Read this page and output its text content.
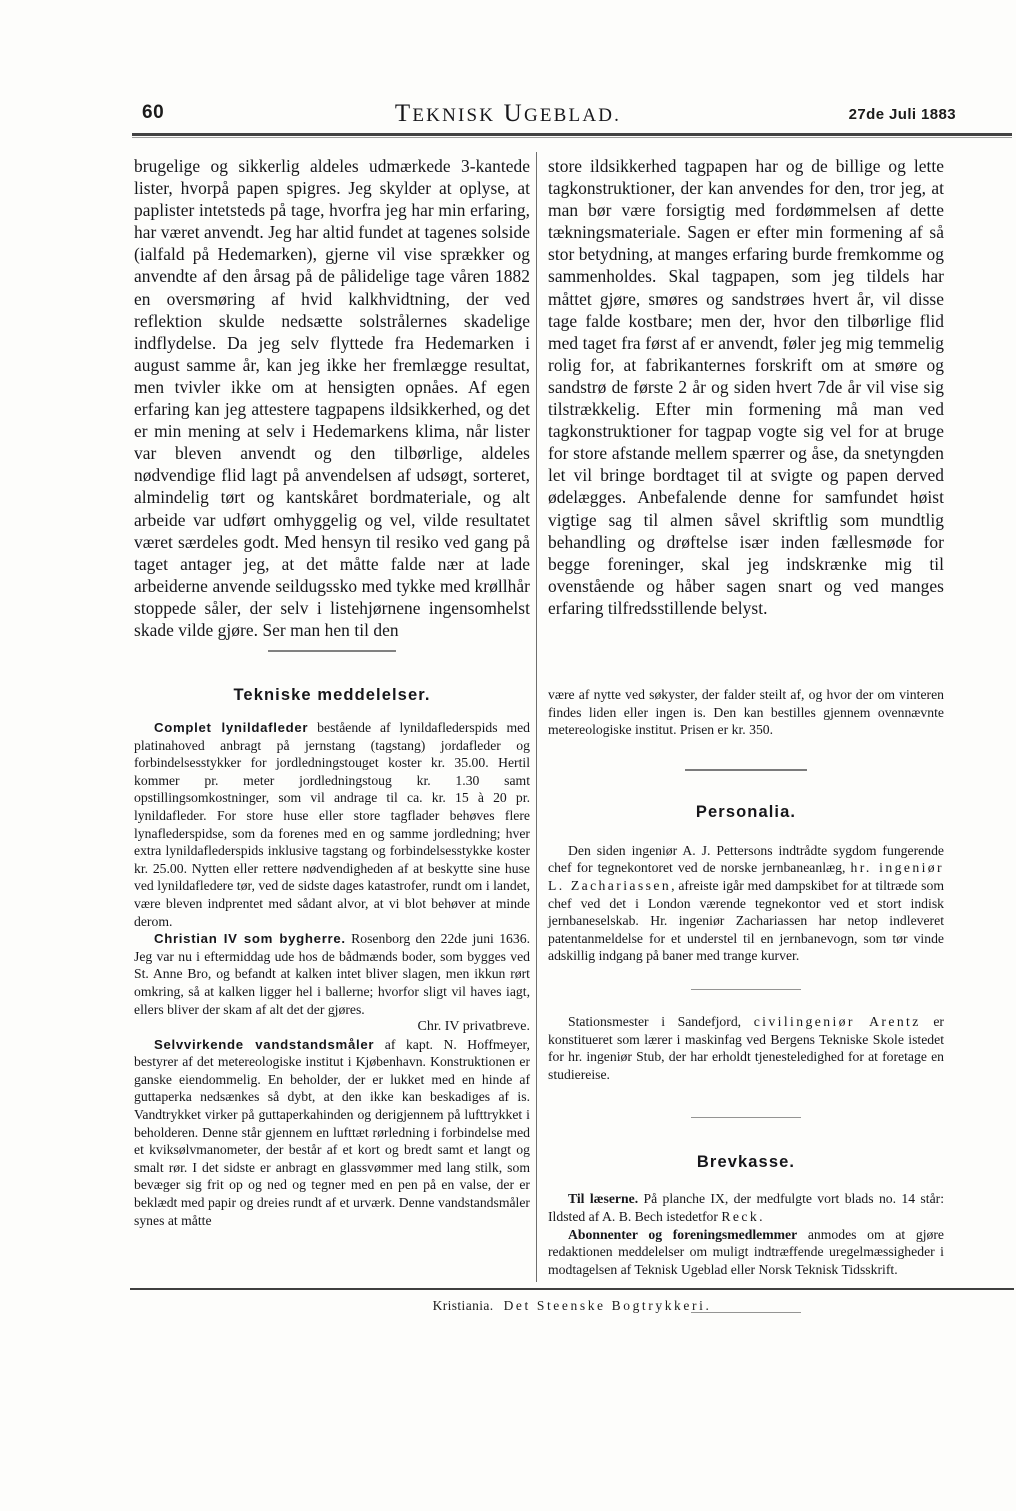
60	TEKNISK UGEBLAD.	27de Juli 1883

brugelige og sikkerlig aldeles udmærkede 3-kantede lister, hvorpå papen spigres. Jeg skylder at oplyse, at paplister intetsteds på tage, hvorfra jeg har min erfaring, har været anvendt. Jeg har altid fundet at tagenes solside (ialfald på Hedemarken), gjerne vil vise sprækker og anvendte af den årsag på de pålidelige tage våren 1882 en oversmøring af hvid kalkhvidtning, der ved reflektion skulde nedsætte solstrålernes skadelige indflydelse. Da jeg selv flyttede fra Hedemarken i august samme år, kan jeg ikke her fremlægge resultat, men tvivler ikke om at hensigten opnåes. Af egen erfaring kan jeg attestere tagpapens ildsikkerhed, og det er min mening at selv i Hedemarkens klima, når lister var bleven anvendt og den tilbørlige, aldeles nødvendige flid lagt på anvendelsen af udsøgt, sorteret, almindelig tørt og kantskåret bordmateriale, og alt arbeide var udført omhyggelig og vel, vilde resultatet været særdeles godt. Med hensyn til resiko ved gang på taget antager jeg, at det måtte falde nær at lade arbeiderne anvende seildugssko med tykke med krøllhår stoppede såler, der selv i listehjørnene ingensomhelst skade vilde gjøre. Ser man hen til den

Tekniske meddelelser.

Complet lynildafleder bestående af lynildaflederspids med platinahoved anbragt på jernstang (tagstang) jordafleder og forbindelsesstykker for jordledningstouget koster kr. 35.00. Hertil kommer pr. meter jordledningstoug kr. 1.30 samt opstillingsomkostninger, som vil andrage til ca. kr. 15 à 20 pr. lynildafleder. For store huse eller store tagflader behøves flere lynaflederspidse, som da forenes med en og samme jordledning; hver extra lynildaflederspids inklusive tagstang og forbindelsesstykke koster kr. 25.00. Nytten eller rettere nødvendigheden af at beskytte sine huse ved lynildafledere tør, ved de sidste dages katastrofer, rundt om i landet, være bleven indprentet med sådant alvor, at vi blot behøver at minde derom.

Christian IV som bygherre. Rosenborg den 22de juni 1636. Jeg var nu i eftermiddag ude hos de bådmænds boder, som bygges ved St. Anne Bro, og befandt at kalken intet bliver slagen, men ikkun rørt omkring, så at kalken ligger hel i ballerne; hvorfor sligt vil haves iagt, ellers bliver der skam af alt det der gjøres.

Chr. IV privatbreve.

Selvvirkende vandstandsmåler af kapt. N. Hoffmeyer, bestyrer af det metereologiske institut i Kjøbenhavn. Konstruktionen er ganske eiendommelig. En beholder, der er lukket med en hinde af guttaperka nedsænkes så dybt, at den ikke kan beskadiges af is. Vandtrykket virker på guttaperkahinden og derigjennem på lufttrykket i beholderen. Denne står gjennem en lufttæt rørledning i forbindelse med et kviksølvmanometer, der består af et kort og bredt samt et langt og smalt rør. I det sidste er anbragt en glassvømmer med lang stilk, som bevæger sig frit op og ned og tegner med en pen på en valse, der er beklædt med papir og dreies rundt af et urværk. Denne vandstandsmåler synes at måtte

store ildsikkerhed tagpapen har og de billige og lette tagkonstruktioner, der kan anvendes for den, tror jeg, at man bør være forsigtig med fordømmelsen af dette tækningsmateriale. Sagen er efter min formening af så stor betydning, at manges erfaring burde fremkomme og sammenholdes. Skal tagpapen, som jeg tildels har måttet gjøre, smøres og sandstrøes hvert år, vil disse tage falde kostbare; men der, hvor den tilbørlige flid med taget fra først af er anvendt, føler jeg mig temmelig rolig for, at fabrikanternes forskrift om at smøre og sandstrø de første 2 år og siden hvert 7de år vil vise sig tilstrækkelig. Efter min formening må man ved tagkonstruktioner for tagpap vogte sig vel for at bruge for store afstande mellem spærrer og åse, da snetyngden let vil bringe bordtaget til at svigte og papen derved ødelægges. Anbefalende denne for samfundet høist vigtige sag til almen såvel skriftlig som mundtlig behandling og drøftelse især inden fællesmøde for begge foreninger, skal jeg indskrænke mig til ovenstående og håber sagen snart og ved manges erfaring tilfredsstillende belyst.

være af nytte ved søkyster, der falder steilt af, og hvor der om vinteren findes liden eller ingen is. Den kan bestilles gjennem ovennævnte metereologiske institut. Prisen er kr. 350.

Personalia.

Den siden ingeniør A. J. Pettersons indtrådte sygdom fungerende chef for tegnekontoret ved de norske jernbaneanlæg, hr. ingeniør L. Zachariassen, afreiste igår med dampskibet for at tiltræde som chef ved det i London værende tegnekontor ved et stort indisk jernbaneselskab. Hr. ingeniør Zachariassen har netop indleveret patentanmeldelse for et understel til en jernbanevogn, som tør vinde adskillig indgang på baner med trange kurver.

Stationsmester i Sandefjord, civilingeniør Arentz er konstitueret som lærer i maskinfag ved Bergens Tekniske Skole istedet for hr. ingeniør Stub, der har erholdt tjenesteledighed for at foretage en studiereise.

Brevkasse.

Til læserne. På planche IX, der medfulgte vort blads no. 14 står: Ildsted af A. B. Bech istedetfor Reck.

Abonnenter og foreningsmedlemmer anmodes om at gjøre redaktionen meddelelser om muligt indtræffende uregelmæssigheder i modtagelsen af Teknisk Ugeblad eller Norsk Teknisk Tidsskrift.

Kristiania. Det Steenske Bogtrykkeri.
